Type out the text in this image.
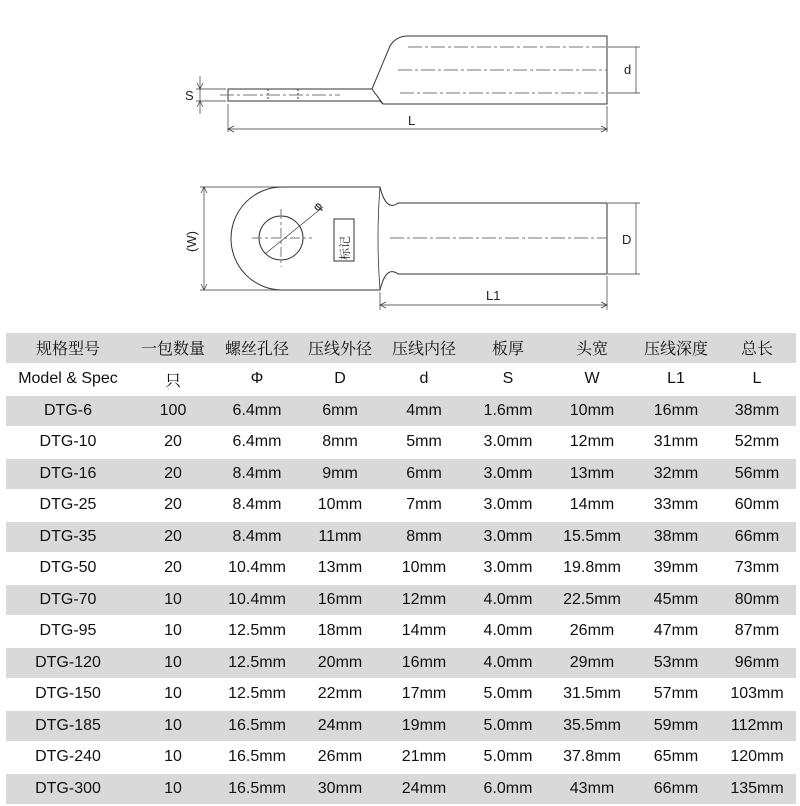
S
d
L
(W)
φ
标记	D
L1
规格型号	一包数量	螺丝孔径	压线外径	压线内径	板厚	头宽	压线深度	总长
Model & Spec	只	Φ	D	d	S	W	L1	L
DTG-6	100	6.4mm	6mm	4mm	1.6mm	10mm	16mm	38mm
DTG-10	20	6.4mm	8mm	5mm	3.0mm	12mm	31mm	52mm
DTG-16	20	8.4mm	9mm	6mm	3.0mm	13mm	32mm	56mm
DTG-25	20	8.4mm	10mm	7mm	3.0mm	14mm	33mm	60mm
DTG-35	20	8.4mm	11mm	8mm	3.0mm	15.5mm	38mm	66mm
DTG-50	20	10.4mm	13mm	10mm	3.0mm	19.8mm	39mm	73mm
DTG-70	10	10.4mm	16mm	12mm	4.0mm	22.5mm	45mm	80mm
DTG-95	10	12.5mm	18mm	14mm	4.0mm	26mm	47mm	87mm
DTG-120	10	12.5mm	20mm	16mm	4.0mm	29mm	53mm	96mm
DTG-150	10	12.5mm	22mm	17mm	5.0mm	31.5mm	57mm	103mm
DTG-185	10	16.5mm	24mm	19mm	5.0mm	35.5mm	59mm	112mm
DTG-240	10	16.5mm	26mm	21mm	5.0mm	37.8mm	65mm	120mm
DTG-300	10	16.5mm	30mm	24mm	6.0mm	43mm	66mm	135mm
